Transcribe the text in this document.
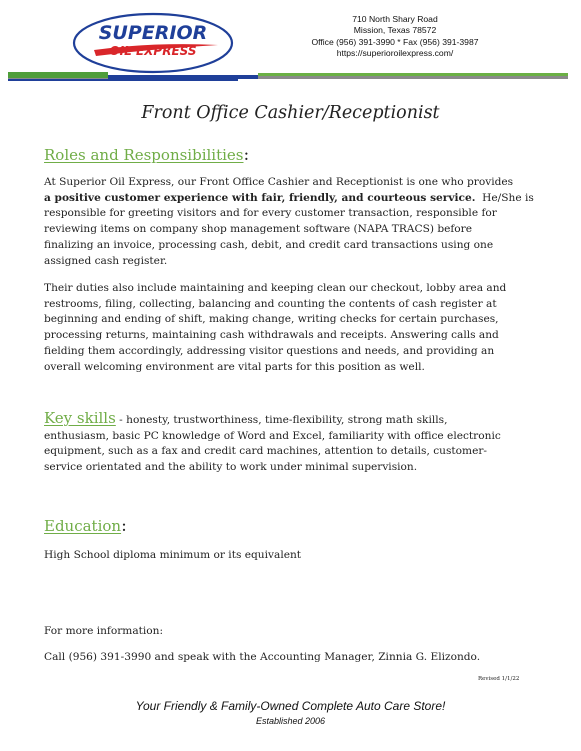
SUPERIOR
OIL EXPRESS
710 North Shary Road
Mission, Texas 78572
Office (956) 391-3990 * Fax (956) 391-3987
https://superioroilexpress.com/
Front Office Cashier/Receptionist
Roles and Responsibilities:
At Superior Oil Express, our Front Office Cashier and Receptionist is one who provides
a positive customer experience with fair, friendly, and courteous service. He/She is
responsible for greeting visitors and for every customer transaction, responsible for
reviewing items on company shop management software (NAPA TRACS) before
finalizing an invoice, processing cash, debit, and credit card transactions using one
assigned cash register.
Their duties also include maintaining and keeping clean our checkout, lobby area and
restrooms, filing, collecting, balancing and counting the contents of cash register at
beginning and ending of shift, making change, writing checks for certain purchases,
processing returns, maintaining cash withdrawals and receipts. Answering calls and
fielding them accordingly, addressing visitor questions and needs, and providing an
overall welcoming environment are vital parts for this position as well.
Key skills - honesty, trustworthiness, time-flexibility, strong math skills,
enthusiasm, basic PC knowledge of Word and Excel, familiarity with office electronic
equipment, such as a fax and credit card machines, attention to details, customer-
service orientated and the ability to work under minimal supervision.
Education:
High School diploma minimum or its equivalent
For more information:
Call (956) 391-3990 and speak with the Accounting Manager, Zinnia G. Elizondo.
Revised 1/1/22
Your Friendly & Family-Owned Complete Auto Care Store!
Established 2006
